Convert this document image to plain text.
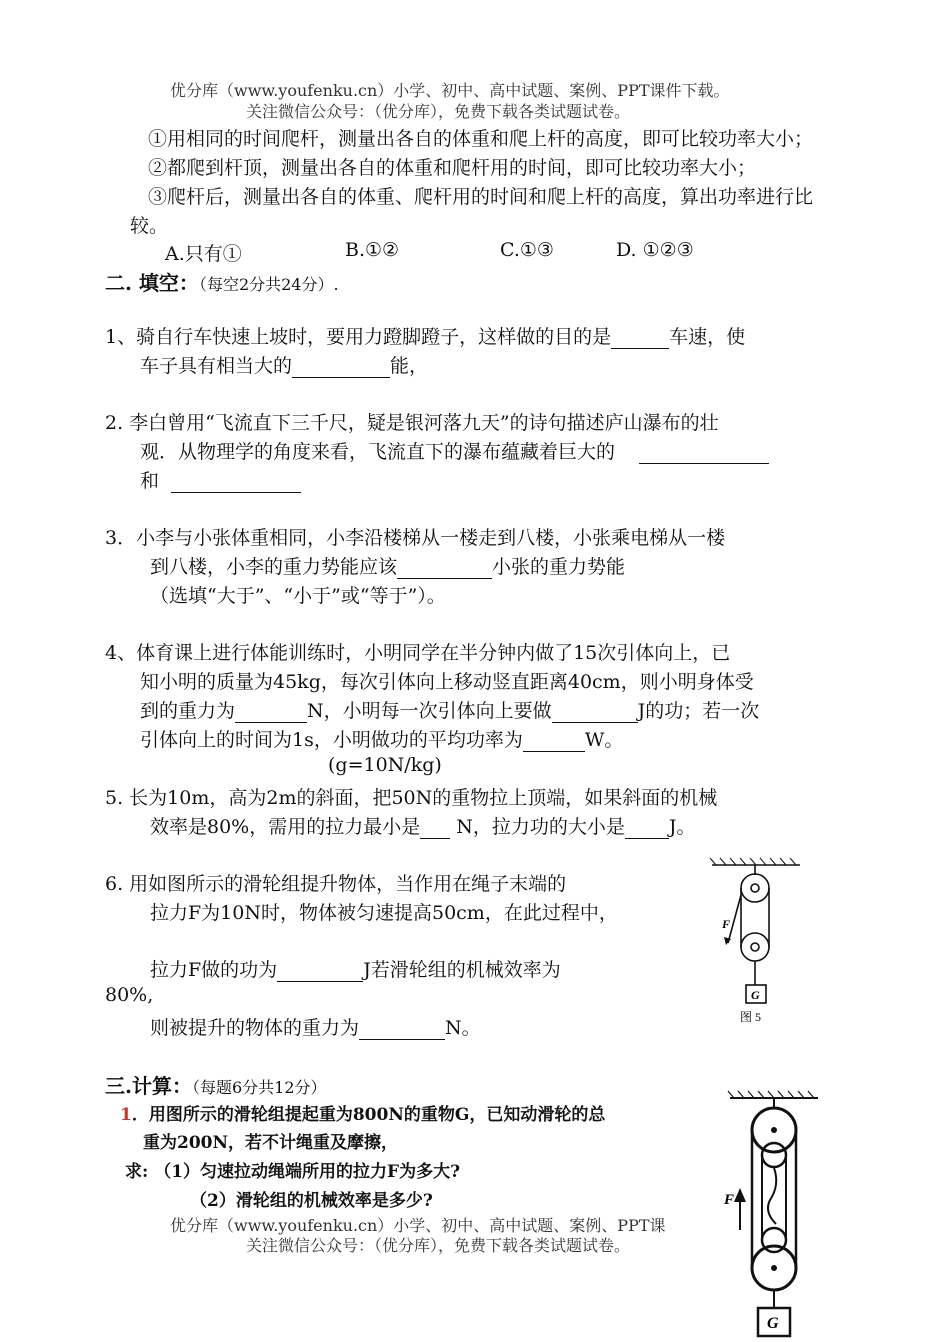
优分库（www.youfenku.cn）小学、初中、高中试题、案例、PPT课件下载。
关注微信公众号：（优分库），免费下载各类试题试卷。
①用相同的时间爬杆，测量出各自的体重和爬上杆的高度，即可比较功率大小；
②都爬到杆顶，测量出各自的体重和爬杆用的时间，即可比较功率大小；
③爬杆后，测量出各自的体重、爬杆用的时间和爬上杆的高度，算出功率进行比
较。
A.只有①	B.①②	C.①③	D. ①②③
二. 填空：（每空2分共24分）.
1、骑自行车快速上坡时，要用力蹬脚蹬子，这样做的目的是	车速，使
车子具有相当大的	能，
2. 李白曾用“飞流直下三千尺，疑是银河落九天”的诗句描述庐山瀑布的壮
观．从物理学的角度来看，飞流直下的瀑布蕴藏着巨大的
和
3．小李与小张体重相同，小李沿楼梯从一楼走到八楼，小张乘电梯从一楼
到八楼，小李的重力势能应该	小张的重力势能
（选填“大于”、“小于”或“等于”）。
4、体育课上进行体能训练时，小明同学在半分钟内做了15次引体向上，已
知小明的质量为45kg，每次引体向上移动竖直距离40cm，则小明身体受
到的重力为	N，小明每一次引体向上要做	J的功；若一次
引体向上的时间为1s，小明做功的平均功率为	W。
(g=10N/kg)
5. 长为10m，高为2m的斜面，把50N的重物拉上顶端，如果斜面的机械
效率是80%，需用的拉力最小是 N，拉力功的大小是 J。
6. 用如图所示的滑轮组提升物体，当作用在绳子末端的
拉力F为10N时，物体被匀速提高50cm，在此过程中，
拉力F做的功为	J若滑轮组的机械效率为
80%,
则被提升的物体的重力为	N。
F
G
图 5
三.计算：（每题6分共12分）
1．用图所示的滑轮组提起重为800N的重物G，已知动滑轮的总
重为200N，若不计绳重及摩擦，
求: （1）匀速拉动绳端所用的拉力F为多大?
（2）滑轮组的机械效率是多少?
优分库（www.youfenku.cn）小学、初中、高中试题、案例、PPT课
关注微信公众号：（优分库），免费下载各类试题试卷。
F
G
